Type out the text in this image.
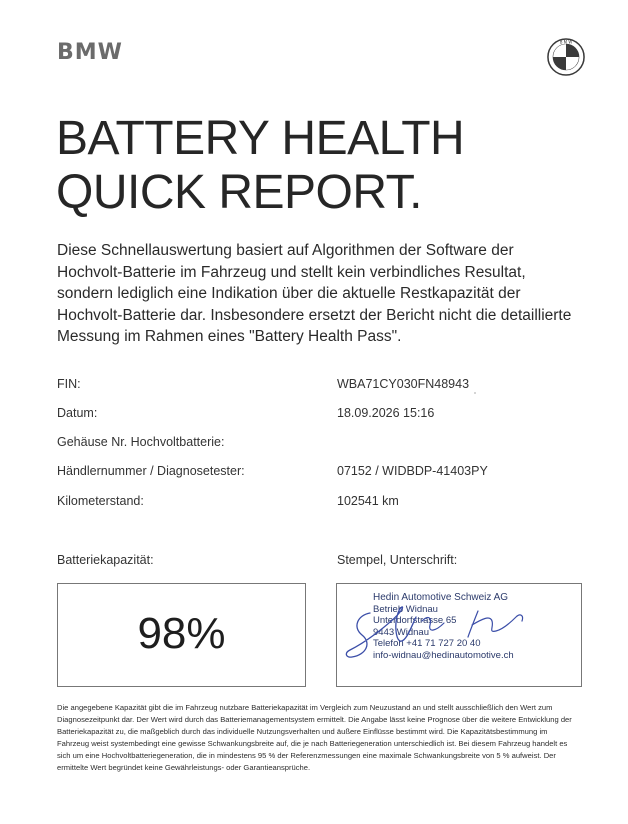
BMW	B M W
BATTERY HEALTH
QUICK REPORT.

Diese Schnellauswertung basiert auf Algorithmen der Software der Hochvolt-Batterie im Fahrzeug und stellt kein verbindliches Resultat, sondern lediglich eine Indikation über die aktuelle Restkapazität der Hochvolt-Batterie dar. Insbesondere ersetzt der Bericht nicht die detaillierte Messung im Rahmen eines "Battery Health Pass".

FIN:	WBA71CY030FN48943
Datum:	18.09.2026 15:16
Gehäuse Nr. Hochvoltbatterie:
Händlernummer / Diagnosetester:	07152 / WIDBDP-41403PY
Kilometerstand:	102541 km
Batteriekapazität:	Stempel, Unterschrift:
98%
Hedin Automotive Schweiz AG
Betrieb Widnau
Unterdorfstrasse 65
9443 Widnau
Telefon +41 71 727 20 40
info-widnau@hedinautomotive.ch

Die angegebene Kapazität gibt die im Fahrzeug nutzbare Batteriekapazität im Vergleich zum Neuzustand an und stellt ausschließlich den Wert zum Diagnosezeitpunkt dar. Der Wert wird durch das Batteriemanagementsystem ermittelt. Die Angabe lässt keine Prognose über die weitere Entwicklung der Batteriekapazität zu, die maßgeblich durch das individuelle Nutzungsverhalten und äußere Einflüsse bestimmt wird. Die Kapazitätsbestimmung im Fahrzeug weist systembedingt eine gewisse Schwankungsbreite auf, die je nach Batteriegeneration unterschiedlich ist. Bei diesem Fahrzeug handelt es sich um eine Hochvoltbatteriegeneration, die in mindestens 95 % der Referenzmessungen eine maximale Schwankungsbreite von 5 % aufweist. Der ermittelte Wert begründet keine Gewährleistungs- oder Garantieansprüche.
